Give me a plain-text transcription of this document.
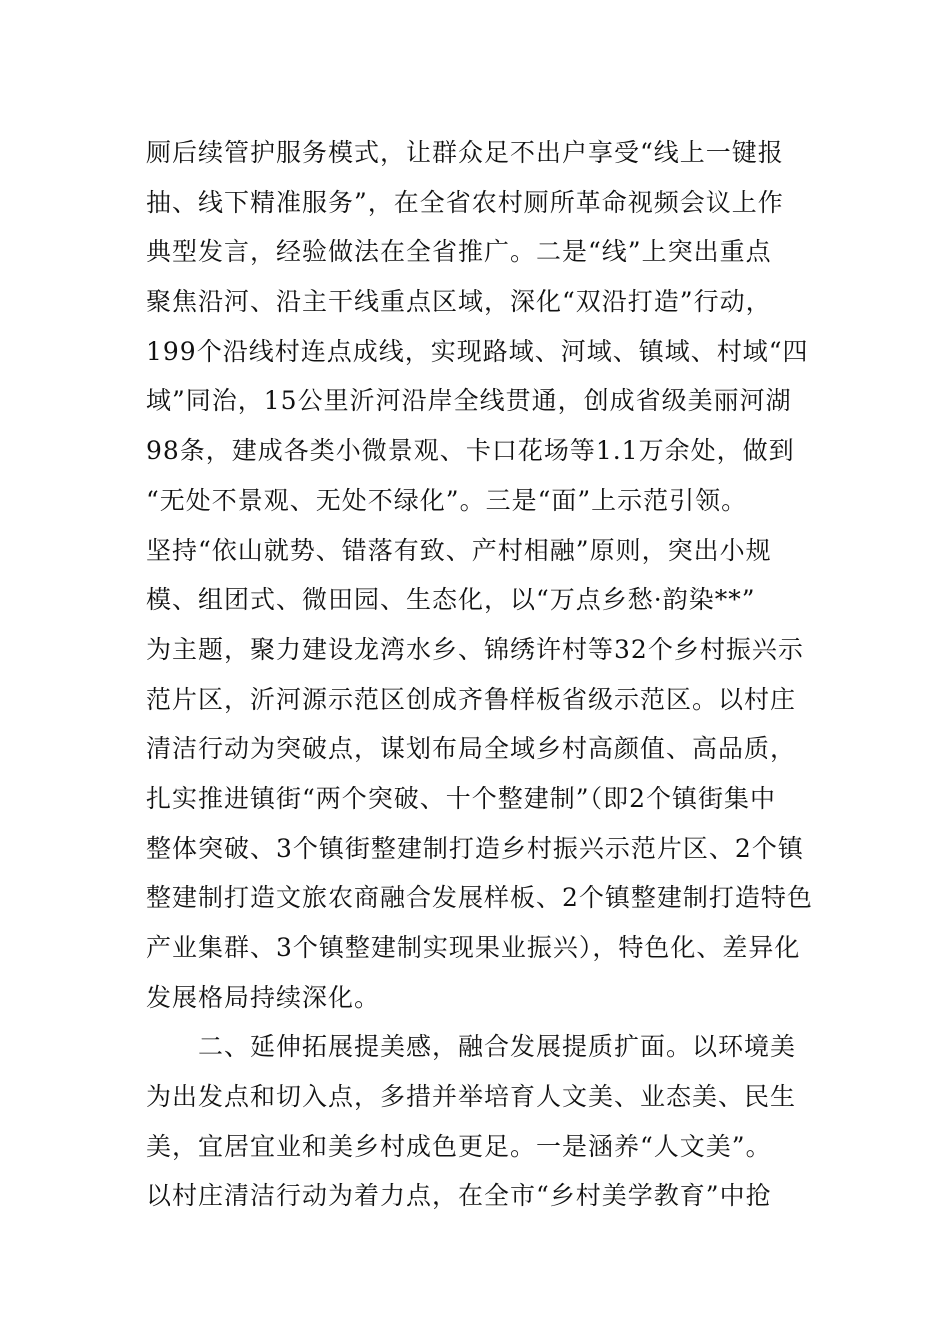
厕后续管护服务模式，让群众足不出户享受“线上一键报
抽、线下精准服务”，在全省农村厕所革命视频会议上作
典型发言，经验做法在全省推广。二是“线”上突出重点
聚焦沿河、沿主干线重点区域，深化“双沿打造”行动，
199个沿线村连点成线，实现路域、河域、镇域、村域“四
域”同治，15公里沂河沿岸全线贯通，创成省级美丽河湖
98条，建成各类小微景观、卡口花场等1.1万余处，做到
“无处不景观、无处不绿化”。三是“面”上示范引领。
坚持“依山就势、错落有致、产村相融”原则，突出小规
模、组团式、微田园、生态化，以“万点乡愁·韵染**”
为主题，聚力建设龙湾水乡、锦绣许村等32个乡村振兴示
范片区，沂河源示范区创成齐鲁样板省级示范区。以村庄
清洁行动为突破点，谋划布局全域乡村高颜值、高品质，
扎实推进镇街“两个突破、十个整建制”（即2个镇街集中
整体突破、3个镇街整建制打造乡村振兴示范片区、2个镇
整建制打造文旅农商融合发展样板、2个镇整建制打造特色
产业集群、3个镇整建制实现果业振兴），特色化、差异化
发展格局持续深化。
二、延伸拓展提美感，融合发展提质扩面。以环境美
为出发点和切入点，多措并举培育人文美、业态美、民生
美，宜居宜业和美乡村成色更足。一是涵养“人文美”。
以村庄清洁行动为着力点，在全市“乡村美学教育”中抢
